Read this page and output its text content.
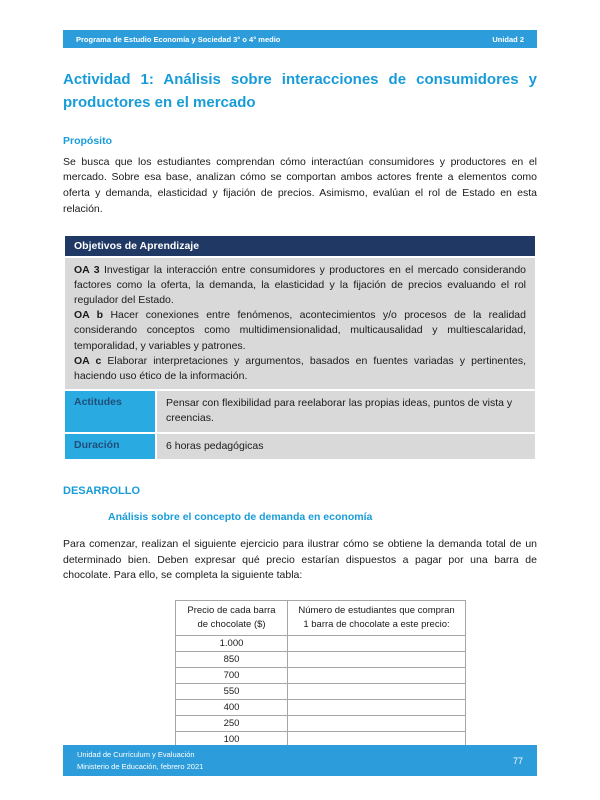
Programa de Estudio Economía y Sociedad 3° o 4° medio	Unidad 2
Actividad 1: Análisis sobre interacciones de consumidores y productores en el mercado
Propósito

Se busca que los estudiantes comprendan cómo interactúan consumidores y productores en el mercado. Sobre esa base, analizan cómo se comportan ambos actores frente a elementos como oferta y demanda, elasticidad y fijación de precios. Asimismo, evalúan el rol de Estado en esta relación.

Objetivos de Aprendizaje	

OA 3 Investigar la interacción entre consumidores y productores en el mercado considerando factores como la oferta, la demanda, la elasticidad y la fijación de precios evaluando el rol regulador del Estado.

OA b Hacer conexiones entre fenómenos, acontecimientos y/o procesos de la realidad considerando conceptos como multidimensionalidad, multicausalidad y multiescalaridad, temporalidad, y variables y patrones.

OA c Elaborar interpretaciones y argumentos, basados en fuentes variadas y pertinentes, haciendo uso ético de la información.	

Actitudes	Pensar con flexibilidad para reelaborar las propias ideas, puntos de vista y creencias.
Duración	6 horas pedagógicas
DESARROLLO
Análisis sobre el concepto de demanda en economía

Para comenzar, realizan el siguiente ejercicio para ilustrar cómo se obtiene la demanda total de un determinado bien. Deben expresar qué precio estarían dispuestos a pagar por una barra de chocolate. Para ello, se completa la siguiente tabla:

Precio de cada barra de chocolate ($)	Número de estudiantes que compran 1 barra de chocolate a este precio:
1.000	
850	
700	
550	
400	
250	
100	

Unidad de Currículum y Evaluación
Ministerio de Educación, febrero 2021
77
